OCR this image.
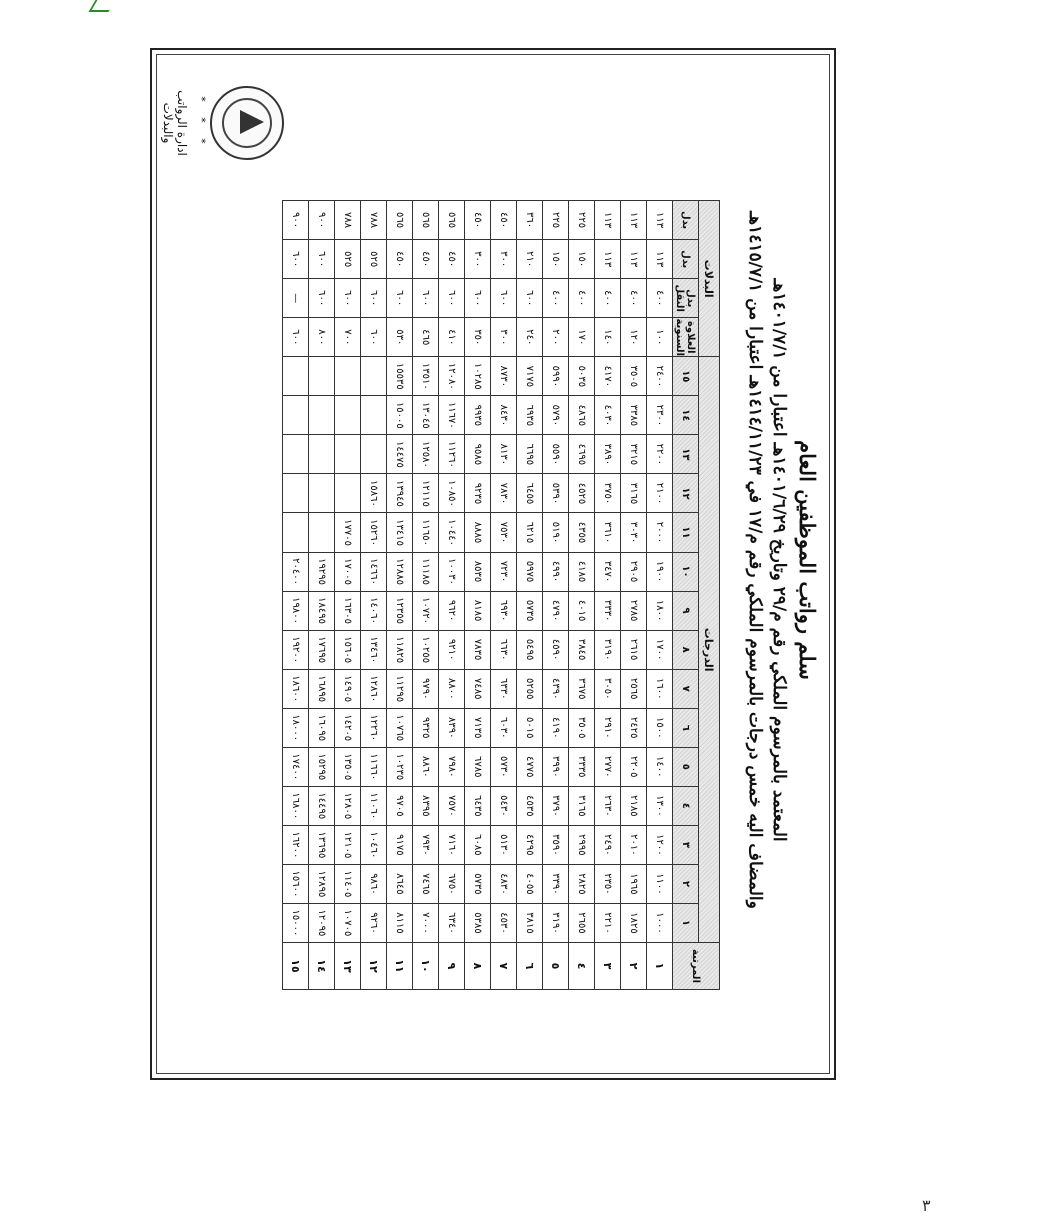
سلم رواتب الموظفين العام
المعتمد بالمرسوم الملكي رقم م/٢٩ وتاريخ ١٤٠١/٦/٢٩هـ اعتبارا من ١٤٠١/٧/١هـ
والمضاف اليه خمس درجات بالمرسوم الملكي رقم م/١٧ في ١٤١٤/١١/٢٣هـ اعتبارا من ١٤١٥/٧/١هـ
المرتبة	الدرجات															البدلات			
	١	٢	٣	٤	٥	٦	٧	٨	٩	١٠	١١	١٢	١٣	١٤	١٥	العلاوة السنوية	بدل النقل	بدل	بدل
١	١٠٠٠	١١٠٠	١٢٠٠	١٣٠٠	١٤٠٠	١٥٠٠	١٦٠٠	١٧٠٠	١٨٠٠	١٩٠٠	٢٠٠٠	٢١٠٠	٢٢٠٠	٢٣٠٠	٢٤٠٠	١٠٠	٤٠٠	١١٣	١١٣
٢	١٨٢٥	١٩٦٥	٢٠١٠	٢١٨٥	٢٢٠٥	٢٤٢٥	٢٥٦٥	٢٦١٥	٢٧٨٥	٢٩٠٥	٣٠٣٠	٣١٦٥	٣٢١٥	٣٣٨٥	٣٥٠٥	١٢٠	٤٠٠	١١٣	١١٣
٣	٢٢١٠	٢٣٥٠	٢٤٩٠	٢٦٣٠	٢٧٧٠	٢٩١٠	٣٠٥٠	٣١٩٠	٣٣٣٠	٣٤٧٠	٣٦١٠	٣٧٥٠	٣٨٩٠	٤٠٣٠	٤١٧٠	١٤٠	٤٠٠	١١٣	١١٣
٤	٢٦٥٥	٢٨٢٥	٢٩٩٥	٣١٦٥	٣٣٣٥	٣٥٠٥	٣٦٧٥	٣٨٤٥	٤٠١٥	٤١٨٥	٤٣٥٥	٤٥٢٥	٤٦٩٥	٤٨٦٥	٥٠٣٥	١٧٠	٤٠٠	١٥٠	٢٢٥
٥	٣١٩٠	٣٣٩٠	٣٥٩٠	٣٧٩٠	٣٩٩٠	٤١٩٠	٤٣٩٠	٤٥٩٠	٤٧٩٠	٤٩٩٠	٥١٩٠	٥٣٩٠	٥٥٩٠	٥٧٩٠	٥٩٩٠	٢٠٠	٤٠٠	١٥٠	٢٢٥
٦	٣٨١٥	٤٠٥٥	٤٢٩٥	٤٥٣٥	٤٧٧٥	٥٠١٥	٥٢٥٥	٥٤٩٥	٥٧٣٥	٥٩٧٥	٦٢١٥	٦٤٥٥	٦٦٩٥	٦٩٣٥	٧١٧٥	٢٤٠	٦٠٠	٢١٠	٣٦٠
٧	٤٥٣٠	٤٨٣٠	٥١٣٠	٥٤٣٠	٥٧٣٠	٦٠٣٠	٦٣٣٠	٦٦٣٠	٦٩٣٠	٧٢٣٠	٧٥٣٠	٧٨٣٠	٨١٣٠	٨٤٣٠	٨٧٣٠	٣٠٠	٦٠٠	٣٠٠	٤٥٠
٨	٥٣٨٥	٥٧٣٥	٦٠٨٥	٦٤٣٥	٦٧٨٥	٧١٣٥	٧٤٨٥	٧٨٣٥	٨١٨٥	٨٥٣٥	٨٨٨٥	٩٢٣٥	٩٥٨٥	٩٩٣٥	١٠٢٨٥	٣٥٠	٦٠٠	٣٠٠	٤٥٠
٩	٦٣٤٠	٦٧٥٠	٧١٦٠	٧٥٧٠	٧٩٨٠	٨٣٩٠	٨٨٠٠	٩٢١٠	٩٦٢٠	١٠٠٣٠	١٠٤٤٠	١٠٨٥٠	١١٢٦٠	١١٦٧٠	١٢٠٨٠	٤١٠	٦٠٠	٤٥٠	٥٦٥
١٠	٧٠٠٠	٧٤٦٥	٧٩٣٠	٨٣٩٥	٨٨٦٠	٩٣٢٥	٩٧٩٠	١٠٢٥٥	١٠٧٢٠	١١١٨٥	١١٦٥٠	١٢١١٥	١٢٥٨٠	١٣٠٤٥	١٣٥١٠	٤٦٥	٦٠٠	٤٥٠	٥٦٥
١١	٨١١٥	٨٦٤٥	٩١٧٥	٩٧٠٥	١٠٢٣٥	١٠٧٦٥	١١٢٩٥	١١٨٢٥	١٢٣٥٥	١٢٨٨٥	١٣٤١٥	١٣٩٤٥	١٤٤٧٥	١٥٠٠٥	١٥٥٣٥	٥٣٠	٦٠٠	٤٥٠	٥٦٥
١٢	٩٢٦٠	٩٨٦٠	١٠٤٦٠	١١٠٦٠	١١٦٦٠	١٢٢٦٠	١٢٨٦٠	١٣٤٦٠	١٤٠٦٠	١٤٦٦٠	١٥٢٦٠	١٥٨٦٠				٦٠٠	٦٠٠	٥٢٥	٧٨٨
١٣	١٠٧٠٥	١١٤٠٥	١٢١٠٥	١٢٨٠٥	١٣٥٠٥	١٤٢٠٥	١٤٩٠٥	١٥٦٠٥	١٦٣٠٥	١٧٠٠٥	١٧٧٠٥					٧٠٠	٦٠٠	٥٢٥	٧٨٨
١٤	١٢٠٩٥	١٢٨٩٥	١٣٦٩٥	١٤٤٩٥	١٥٢٩٥	١٦٠٩٥	١٦٨٩٥	١٧٦٩٥	١٨٤٩٥	١٩٢٩٥						٨٠٠	٦٠٠	٦٠٠	٩٠٠
١٥	١٥٠٠٠	١٥٦٠٠	١٦٢٠٠	١٦٨٠٠	١٧٤٠٠	١٨٠٠٠	١٨٦٠٠	١٩٢٠٠	١٩٨٠٠	٢٠٤٠٠						٦٠٠	—	٦٠٠	٩٠٠
* * *
ادارة الرواتب والبدلات
٣
